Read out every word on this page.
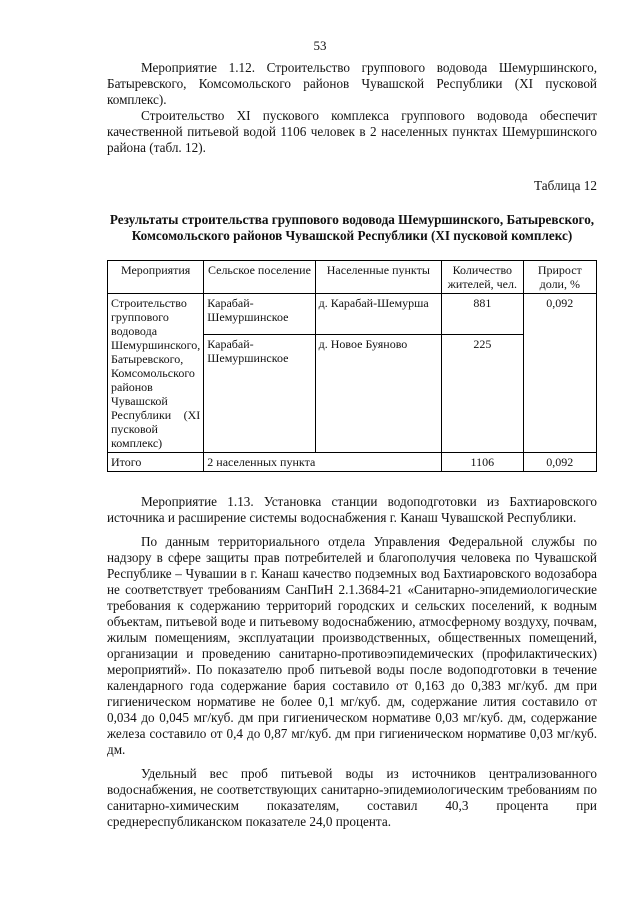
53

Мероприятие 1.12. Строительство группового водовода Шемуршинского, Батыревского, Комсомольского районов Чувашской Республики (XI пусковой комплекс).

Строительство XI пускового комплекса группового водовода обеспечит качественной питьевой водой 1106 человек в 2 населенных пунктах Шемуршинского района (табл. 12).

Таблица 12
Результаты строительства группового водовода Шемуршинского, Батыревского, Комсомольского районов Чувашской Республики (XI пусковой комплекс)
Мероприятия	Сельское поселение	Населенные пункты	Количество жителей, чел.	Прирост доли, %
Строительство группового водовода Шемуршинского, Батыревского, Комсомольского районов Чувашской Республики (XI пусковой комплекс)	Карабай-Шемуршинское	д. Карабай-Шемурша	881	0,092
	Карабай-Шемуршинское	д. Новое Буяново	225	
Итого	2 населенных пункта		1106	0,092

Мероприятие 1.13. Установка станции водоподготовки из Бахтиаровского источника и расширение системы водоснабжения г. Канаш Чувашской Республики.

По данным территориального отдела Управления Федеральной службы по надзору в сфере защиты прав потребителей и благополучия человека по Чувашской Республике – Чувашии в г. Канаш качество подземных вод Бахтиаровского водозабора не соответствует требованиям СанПиН 2.1.3684-21 «Санитарно-эпидемиологические требования к содержанию территорий городских и сельских поселений, к водным объектам, питьевой воде и питьевому водоснабжению, атмосферному воздуху, почвам, жилым помещениям, эксплуатации производственных, общественных помещений, организации и проведению санитарно-противоэпидемических (профилактических) мероприятий». По показателю проб питьевой воды после водоподготовки в течение календарного года содержание бария составило от 0,163 до 0,383 мг/куб. дм при гигиеническом нормативе не более 0,1 мг/куб. дм, содержание лития составило от 0,034 до 0,045 мг/куб. дм при гигиеническом нормативе 0,03 мг/куб. дм, содержание железа составило от 0,4 до 0,87 мг/куб. дм при гигиеническом нормативе 0,03 мг/куб. дм.

Удельный вес проб питьевой воды из источников централизованного водоснабжения, не соответствующих санитарно-эпидемиологическим требованиям по санитарно-химическим показателям, составил 40,3 процента при среднереспубликанском показателе 24,0 процента.
